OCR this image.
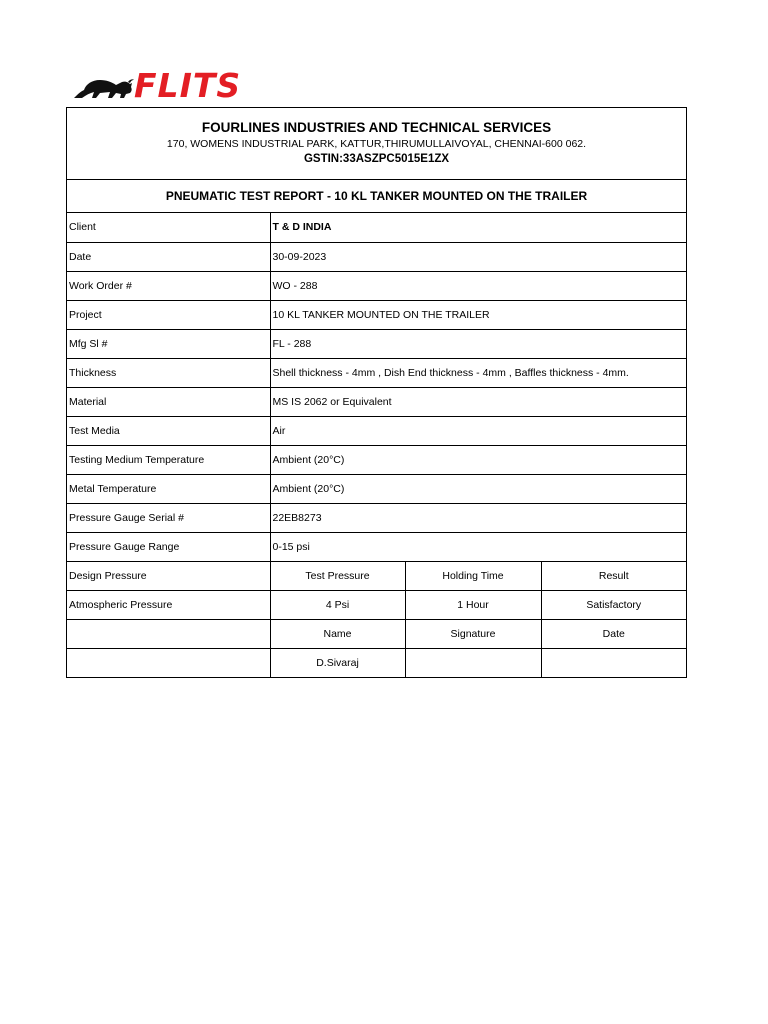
FLITS
FOURLINES INDUSTRIES AND TECHNICAL SERVICES
170, WOMENS INDUSTRIAL PARK, KATTUR,THIRUMULLAIVOYAL, CHENNAI-600 062.
GSTIN:33ASZPC5015E1ZX
PNEUMATIC TEST REPORT - 10 KL TANKER MOUNTED ON THE TRAILER
Client	T & D INDIA		
Date	30-09-2023		
Work Order #	WO - 288		
Project	10 KL TANKER MOUNTED ON THE TRAILER		
Mfg Sl #	FL - 288		
Thickness	Shell thickness - 4mm , Dish End thickness - 4mm , Baffles thickness - 4mm.		
Material	MS IS 2062 or Equivalent		
Test Media	Air		
Testing Medium Temperature	Ambient (20°C)		
Metal Temperature	Ambient (20°C)		
Pressure Gauge Serial #	22EB8273		
Pressure Gauge Range	0-15 psi		
Design Pressure	Test Pressure	Holding Time	Result
Atmospheric Pressure	4 Psi	1 Hour	Satisfactory
	Name	Signature	Date
	D.Sivaraj		
